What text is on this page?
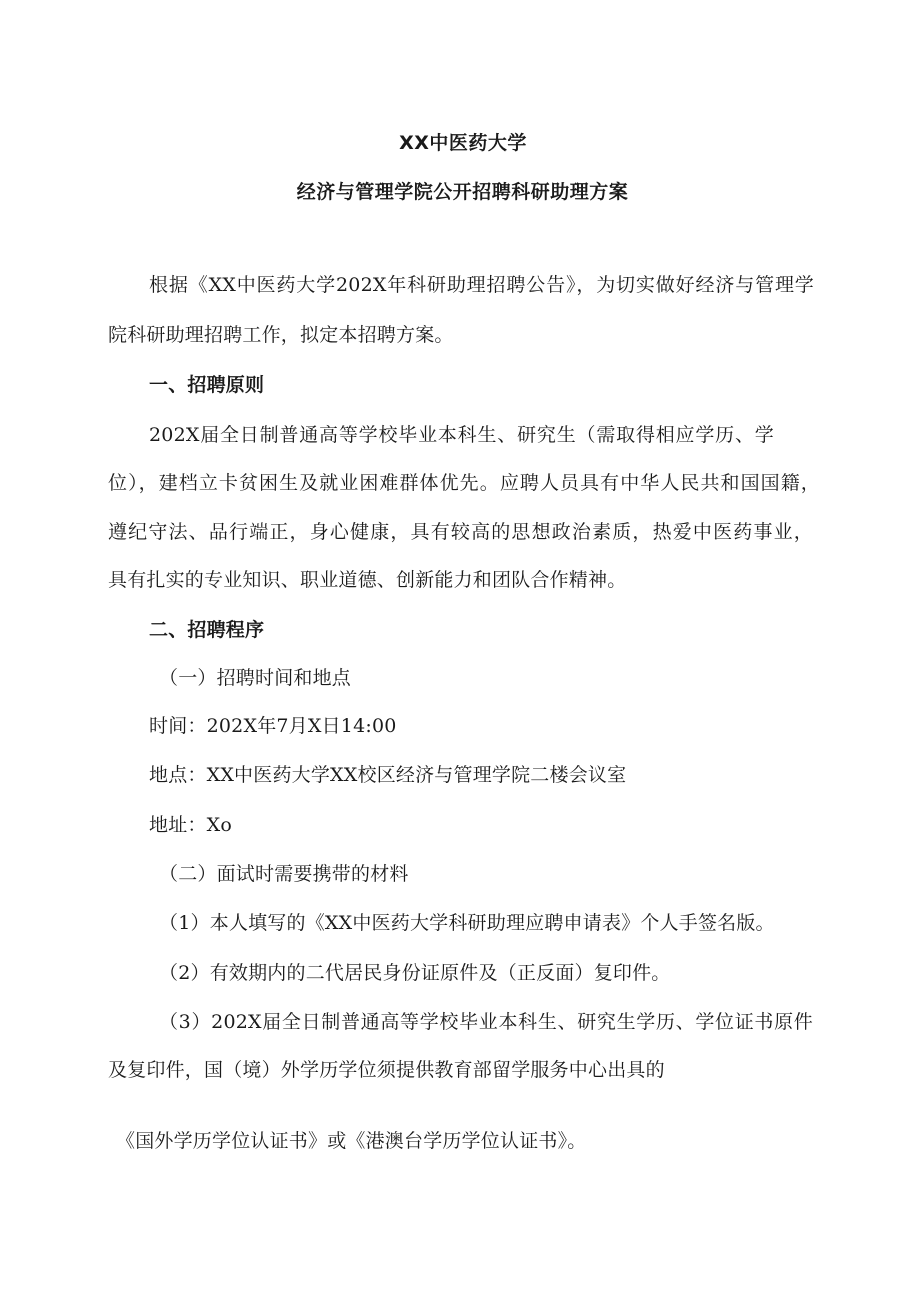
XX中医药大学
经济与管理学院公开招聘科研助理方案
根据《XX中医药大学202X年科研助理招聘公告》，为切实做好经济与管理学
院科研助理招聘工作，拟定本招聘方案。
一、招聘原则
202X届全日制普通高等学校毕业本科生、研究生（需取得相应学历、学
位），建档立卡贫困生及就业困难群体优先。应聘人员具有中华人民共和国国籍，
遵纪守法、品行端正，身心健康，具有较高的思想政治素质，热爱中医药事业，
具有扎实的专业知识、职业道德、创新能力和团队合作精神。
二、招聘程序
（一）招聘时间和地点
时间：202X年7月X日14:00
地点：XX中医药大学XX校区经济与管理学院二楼会议室
地址：Xo
（二）面试时需要携带的材料
（1）本人填写的《XX中医药大学科研助理应聘申请表》个人手签名版。
（2）有效期内的二代居民身份证原件及（正反面）复印件。
（3）202X届全日制普通高等学校毕业本科生、研究生学历、学位证书原件
及复印件，国（境）外学历学位须提供教育部留学服务中心出具的
《国外学历学位认证书》或《港澳台学历学位认证书》。
